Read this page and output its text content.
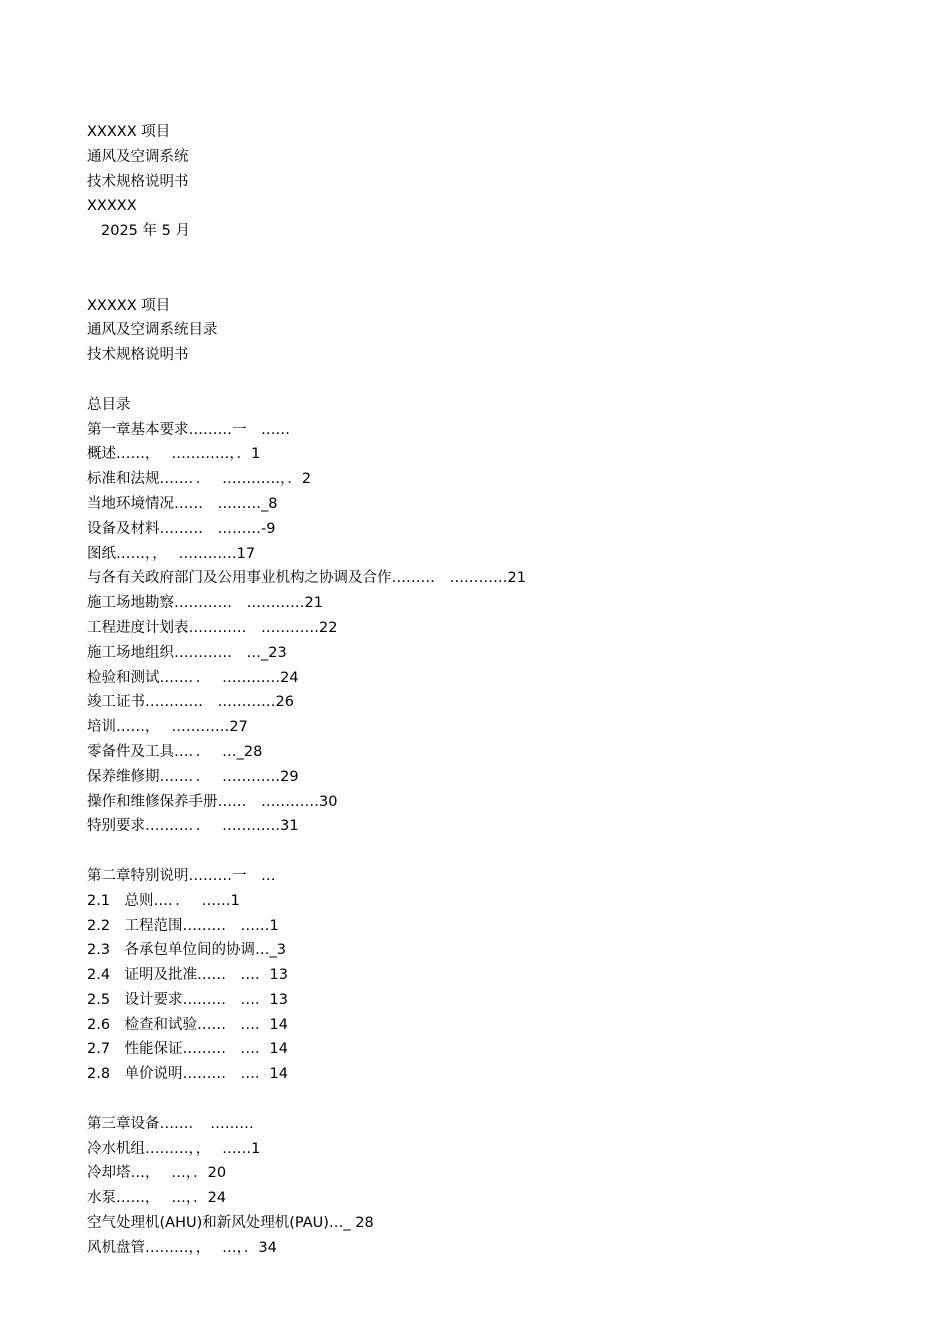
XXXXX 项目
通风及空调系统
技术规格说明书
XXXXX
2025 年 5 月
XXXXX 项目
通风及空调系统目录
技术规格说明书
总目录
第一章基本要求………一　……
概述……，　 …………，．1
标准和法规……．．　 …………，．2
当地环境情况……　………_8
设备及材料………　………-9
图纸……，，　 …………17
与各有关政府部门及公用事业机构之协调及合作………　…………21
施工场地勘察…………　…………21
工程进度计划表…………　…………22
施工场地组织…………　…_23
检验和测试……．．　 …………24
竣工证书…………　…………26
培训……，　 …………27
零备件及工具…．．　 …_28
保养维修期……．．　 …………29
操作和维修保养手册……　…………30
特别要求………．．　 …………31
第二章特别说明………一　…
2.1　总则…．．　 ……1
2.2　工程范围………　……1
2.3　各承包单位间的协调…_3
2.4　证明及批准……　…．13
2.5　设计要求………　…．13
2.6　检查和试验……　…．14
2.7　性能保证………　…．14
2.8　单价说明………　…．14
第三章设备……．　………
冷水机组………，，　 ……1
冷却塔…，　 …，．20
水泵……，　 …，．24
空气处理机(AHU)和新风处理机(PAU)…_ 28
风机盘管………，，　 …，．34
